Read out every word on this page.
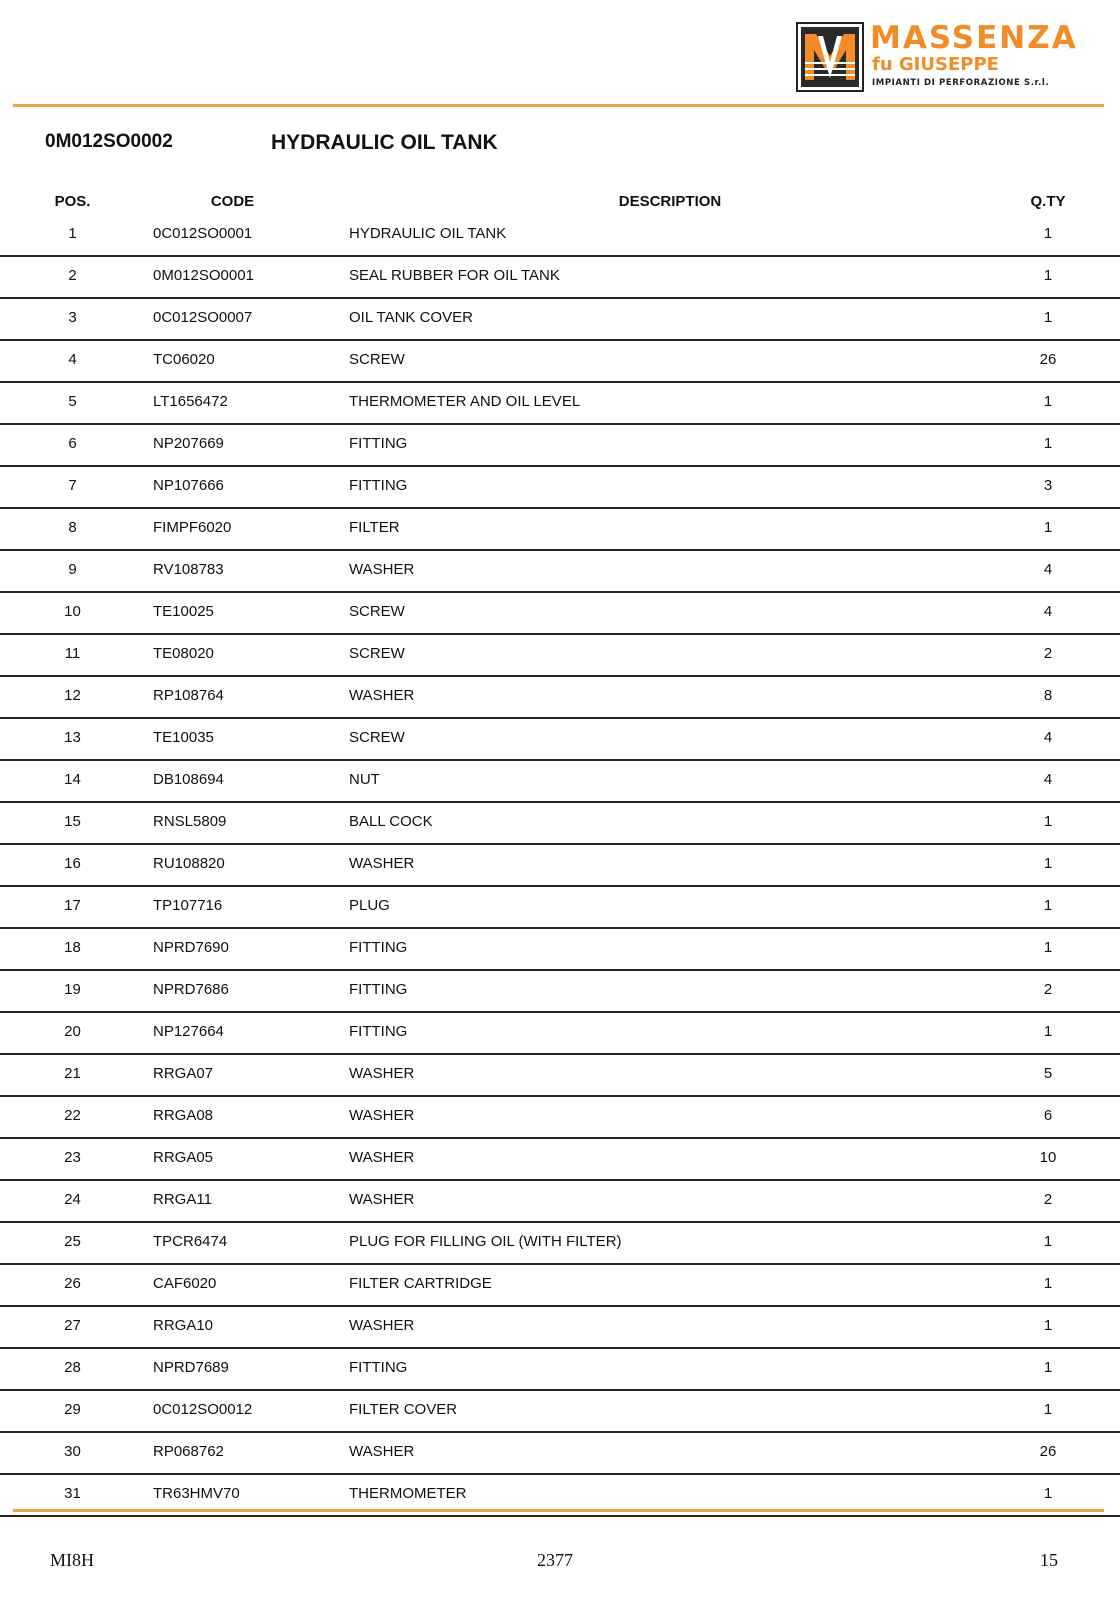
MASSENZA
fu GIUSEPPE
IMPIANTI DI PERFORAZIONE S.r.l.
0M012SO0002	HYDRAULIC OIL TANK
POS.	CODE	DESCRIPTION	Q.TY
1	0C012SO0001	HYDRAULIC OIL TANK	1
2	0M012SO0001	SEAL RUBBER FOR OIL TANK	1
3	0C012SO0007	OIL TANK COVER	1
4	TC06020	SCREW	26
5	LT1656472	THERMOMETER AND OIL LEVEL	1
6	NP207669	FITTING	1
7	NP107666	FITTING	3
8	FIMPF6020	FILTER	1
9	RV108783	WASHER	4
10	TE10025	SCREW	4
11	TE08020	SCREW	2
12	RP108764	WASHER	8
13	TE10035	SCREW	4
14	DB108694	NUT	4
15	RNSL5809	BALL COCK	1
16	RU108820	WASHER	1
17	TP107716	PLUG	1
18	NPRD7690	FITTING	1
19	NPRD7686	FITTING	2
20	NP127664	FITTING	1
21	RRGA07	WASHER	5
22	RRGA08	WASHER	6
23	RRGA05	WASHER	10
24	RRGA11	WASHER	2
25	TPCR6474	PLUG FOR FILLING OIL (WITH FILTER)	1
26	CAF6020	FILTER CARTRIDGE	1
27	RRGA10	WASHER	1
28	NPRD7689	FITTING	1
29	0C012SO0012	FILTER COVER	1
30	RP068762	WASHER	26
31	TR63HMV70	THERMOMETER	1
MI8H	2377	15
